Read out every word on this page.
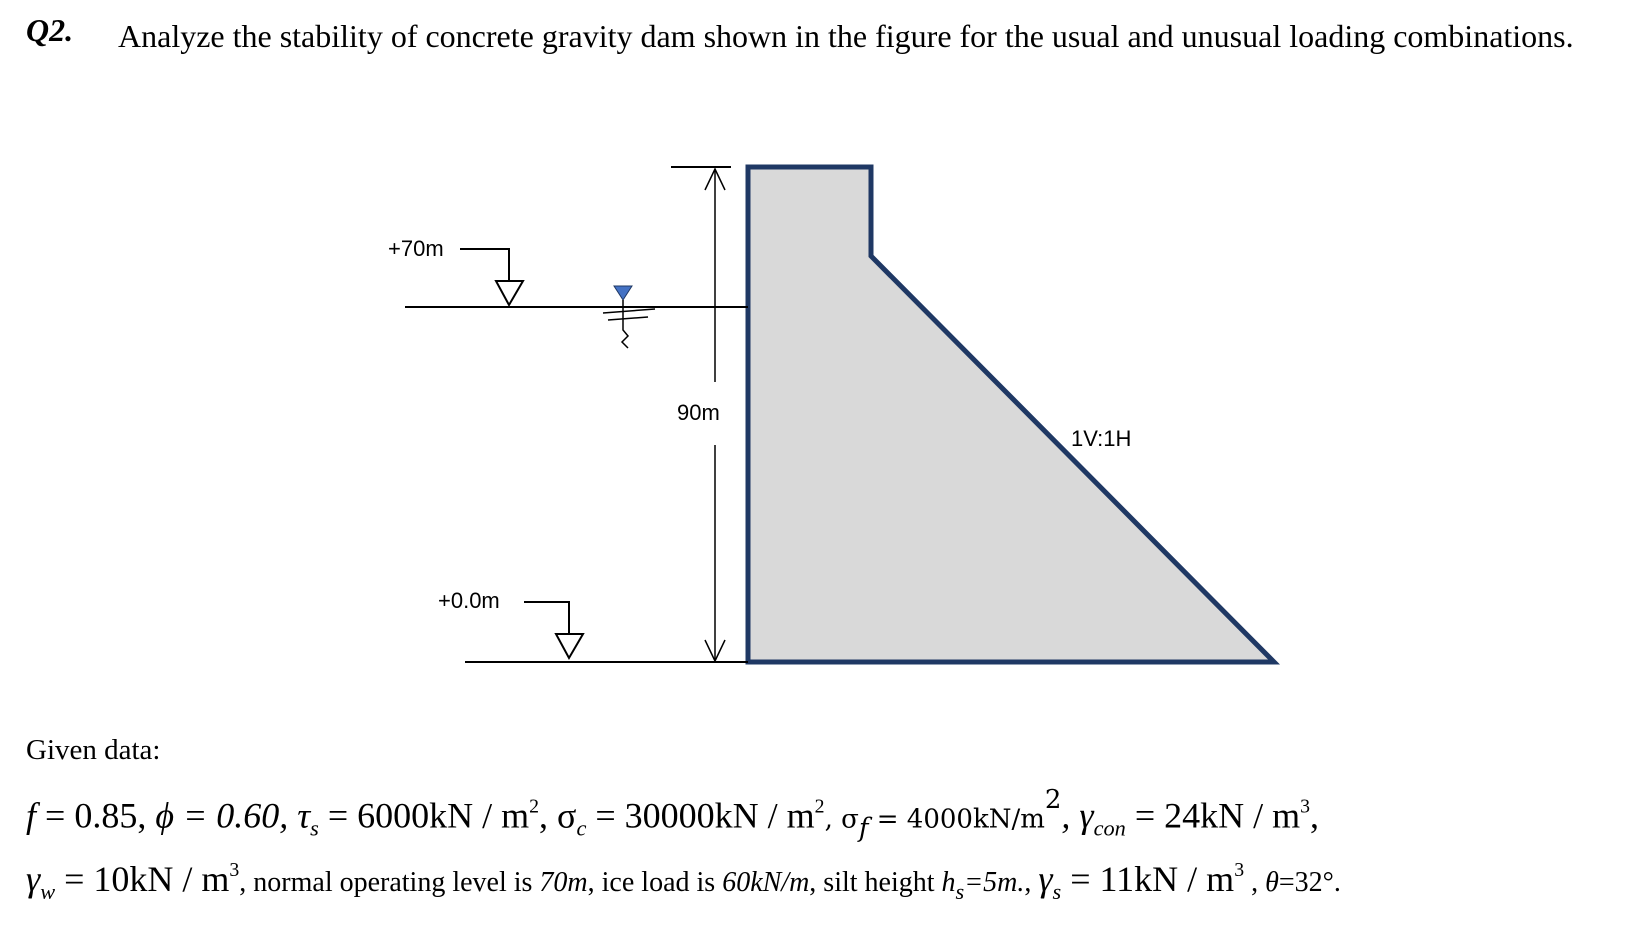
Q2. Analyze the stability of concrete gravity dam shown in the figure for the usual and unusual loading combinations.
+70m
+0.0m
90m
1V:1H
Given data:
f = 0.85, ϕ = 0.60, $\tau_s = 6000kN / m^2$, $\sigma_c = 30000kN / m^2$, $\sigma_f = 4000kN/m^2$, $\gamma_{con} = 24kN / m^3$,
$\gamma_w = 10kN / m^3$, normal operating level is 70m, ice load is 60kN/m, silt height $h_s=5m$., $\gamma_s = 11kN / m^3$ , θ=32°.
